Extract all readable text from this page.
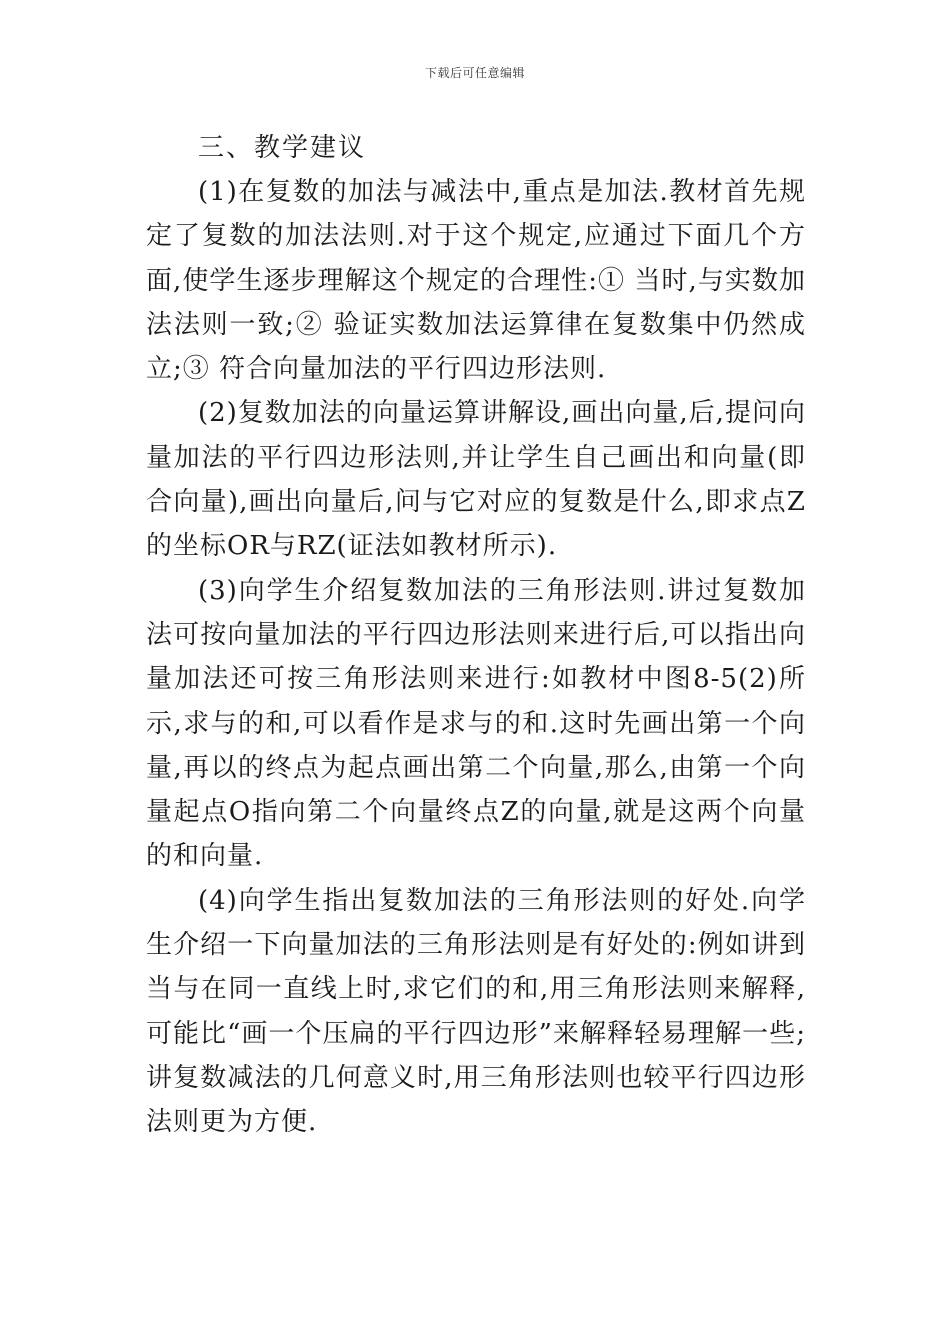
下载后可任意编辑
三、教学建议

(1)在复数的加法与减法中,重点是加法.教材首先规定了复数的加法法则.对于这个规定,应通过下面几个方面,使学生逐步理解这个规定的合理性:① 当时,与实数加法法则一致;② 验证实数加法运算律在复数集中仍然成立;③ 符合向量加法的平行四边形法则.

(2)复数加法的向量运算讲解设,画出向量,后,提问向量加法的平行四边形法则,并让学生自己画出和向量(即合向量),画出向量后,问与它对应的复数是什么,即求点Z的坐标OR与RZ(证法如教材所示).

(3)向学生介绍复数加法的三角形法则.讲过复数加法可按向量加法的平行四边形法则来进行后,可以指出向量加法还可按三角形法则来进行:如教材中图8-5(2)所示,求与的和,可以看作是求与的和.这时先画出第一个向量,再以的终点为起点画出第二个向量,那么,由第一个向量起点O指向第二个向量终点Z的向量,就是这两个向量的和向量.

(4)向学生指出复数加法的三角形法则的好处.向学生介绍一下向量加法的三角形法则是有好处的:例如讲到当与在同一直线上时,求它们的和,用三角形法则来解释,可能比“画一个压扁的平行四边形”来解释轻易理解一些;讲复数减法的几何意义时,用三角形法则也较平行四边形法则更为方便.
